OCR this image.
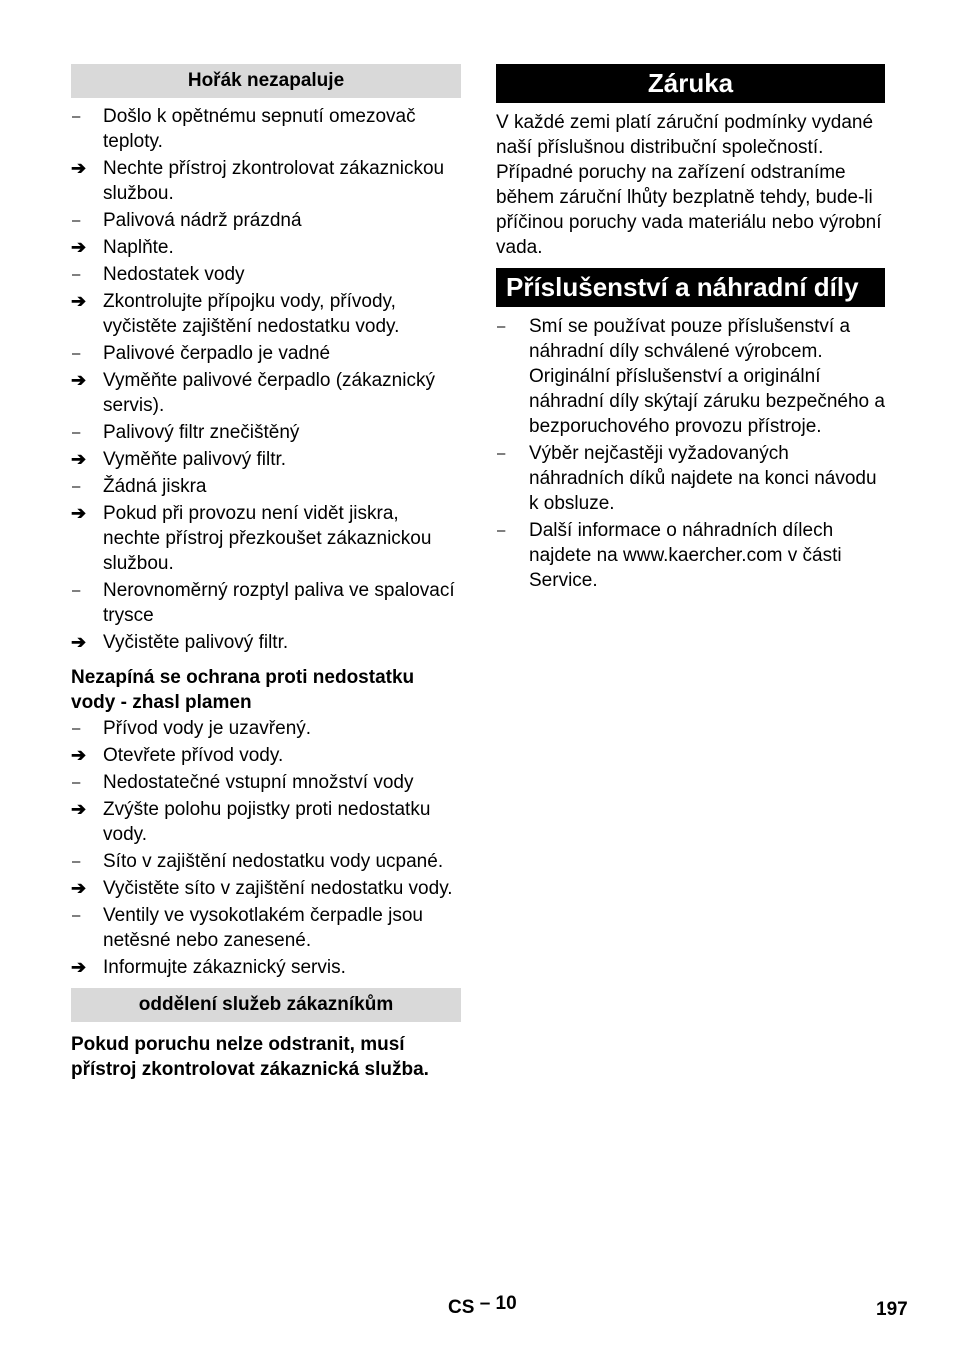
Hořák nezapaluje
–	Došlo k opětnému sepnutí omezovač teploty.
➔ Nechte přístroj zkontrolovat zákaznickou službou.
–	Palivová nádrž prázdná
➔ Naplňte.
–	Nedostatek vody
➔ Zkontrolujte přípojku vody, přívody, vyčistěte zajištění nedostatku vody.
–	Palivové čerpadlo je vadné
➔ Vyměňte palivové čerpadlo (zákaznický servis).
–	Palivový filtr znečištěný
➔ Vyměňte palivový filtr.
–	Žádná jiskra
➔ Pokud při provozu není vidět jiskra, nechte přístroj přezkoušet zákaznickou službou.
–	Nerovnoměrný rozptyl paliva ve spalovací trysce
➔ Vyčistěte palivový filtr.
Nezapíná se ochrana proti nedostatku vody - zhasl plamen
–	Přívod vody je uzavřený.
➔ Otevřete přívod vody.
–	Nedostatečné vstupní množství vody
➔ Zvýšte polohu pojistky proti nedostatku vody.
–	Síto v zajištění nedostatku vody ucpané.
➔ Vyčistěte síto v zajištění nedostatku vody.
–	Ventily ve vysokotlakém čerpadle jsou netěsné nebo zanesené.
➔ Informujte zákaznický servis.
oddělení služeb zákazníkům
Pokud poruchu nelze odstranit, musí přístroj zkontrolovat zákaznická služba.
Záruka
V každé zemi platí záruční podmínky vydané naší příslušnou distribuční společností. Případné poruchy na zařízení odstraníme během záruční lhůty bezplatně tehdy, bude-li příčinou poruchy vada materiálu nebo výrobní vada.
Příslušenství a náhradní díly
–	Smí se používat pouze příslušenství a náhradní díly schválené výrobcem. Originální příslušenství a originální náhradní díly skýtají záruku bezpečného a bezporuchového provozu přístroje.
–	Výběr nejčastěji vyžadovaných náhradních díků najdete na konci návodu k obsluze.
–	Další informace o náhradních dílech najdete na www.kaercher.com v části Service.
CS – 10	197
